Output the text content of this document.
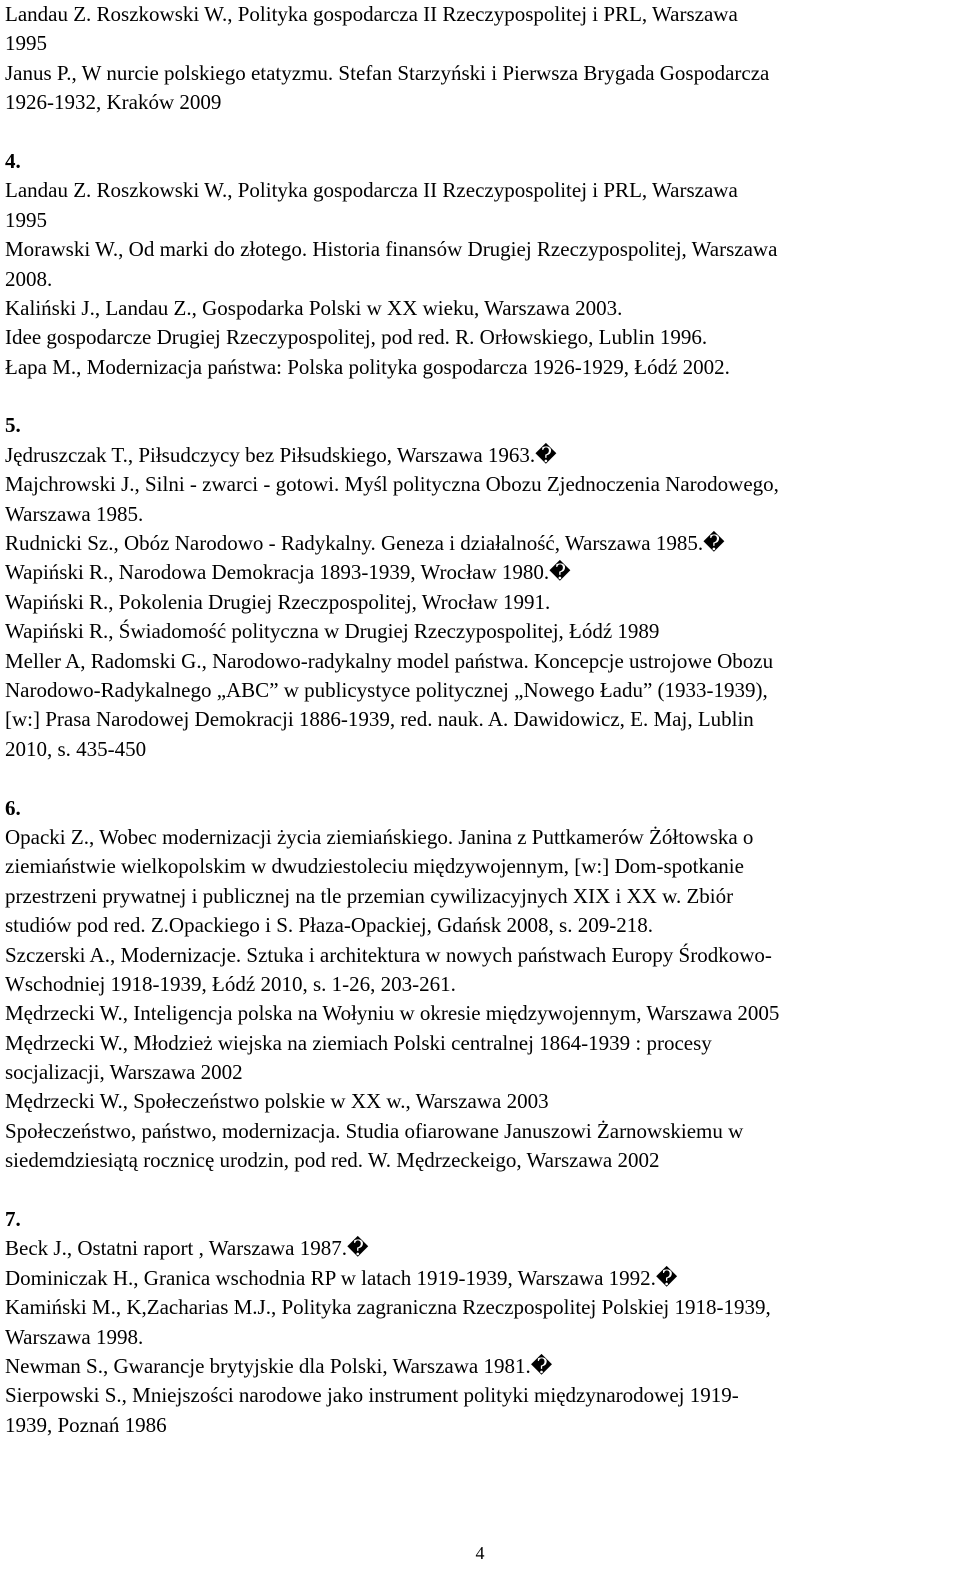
Landau Z. Roszkowski W., Polityka gospodarcza II Rzeczypospolitej i PRL, Warszawa

1995

Janus P., W nurcie polskiego etatyzmu. Stefan Starzyński i Pierwsza Brygada Gospodarcza

1926-1932, Kraków 2009

4.

Landau Z. Roszkowski W., Polityka gospodarcza II Rzeczypospolitej i PRL, Warszawa

1995

Morawski W., Od marki do złotego. Historia finansów Drugiej Rzeczypospolitej, Warszawa

2008.

Kaliński J., Landau Z., Gospodarka Polski w XX wieku, Warszawa 2003.

Idee gospodarcze Drugiej Rzeczypospolitej, pod red. R. Orłowskiego, Lublin 1996.

Łapa M., Modernizacja państwa: Polska polityka gospodarcza 1926-1929, Łódź 2002.

5.

Jędruszczak T., Piłsudczycy bez Piłsudskiego, Warszawa 1963.�

Majchrowski J., Silni - zwarci - gotowi. Myśl polityczna Obozu Zjednoczenia Narodowego,

Warszawa 1985.

Rudnicki Sz., Obóz Narodowo - Radykalny. Geneza i działalność, Warszawa 1985.�

Wapiński R., Narodowa Demokracja 1893-1939, Wrocław 1980.�

Wapiński R., Pokolenia Drugiej Rzeczpospolitej, Wrocław 1991.

Wapiński R., Świadomość polityczna w Drugiej Rzeczypospolitej, Łódź 1989

Meller A, Radomski G., Narodowo-radykalny model państwa. Koncepcje ustrojowe Obozu

Narodowo-Radykalnego „ABC” w publicystyce politycznej „Nowego Ładu” (1933-1939),

[w:] Prasa Narodowej Demokracji 1886-1939, red. nauk. A. Dawidowicz, E. Maj, Lublin

2010, s. 435-450

6.

Opacki Z., Wobec modernizacji życia ziemiańskiego. Janina z Puttkamerów Żółtowska o

ziemiaństwie wielkopolskim w dwudziestoleciu międzywojennym, [w:] Dom-spotkanie

przestrzeni prywatnej i publicznej na tle przemian cywilizacyjnych XIX i XX w. Zbiór

studiów pod red. Z.Opackiego i S. Płaza-Opackiej, Gdańsk 2008, s. 209-218.

Szczerski A., Modernizacje. Sztuka i architektura w nowych państwach Europy Środkowo-

Wschodniej 1918-1939, Łódź 2010, s. 1-26, 203-261.

Mędrzecki W., Inteligencja polska na Wołyniu w okresie międzywojennym, Warszawa 2005

Mędrzecki W., Młodzież wiejska na ziemiach Polski centralnej 1864-1939 : procesy

socjalizacji, Warszawa 2002

Mędrzecki W., Społeczeństwo polskie w XX w., Warszawa 2003

Społeczeństwo, państwo, modernizacja. Studia ofiarowane Januszowi Żarnowskiemu w

siedemdziesiątą rocznicę urodzin, pod red. W. Mędrzeckeigo, Warszawa 2002

7.

Beck J., Ostatni raport , Warszawa 1987.�

Dominiczak H., Granica wschodnia RP w latach 1919-1939, Warszawa 1992.�

Kamiński M., K,Zacharias M.J., Polityka zagraniczna Rzeczpospolitej Polskiej 1918-1939,

Warszawa 1998.

Newman S., Gwarancje brytyjskie dla Polski, Warszawa 1981.�

Sierpowski S., Mniejszości narodowe jako instrument polityki międzynarodowej 1919-

1939, Poznań 1986

4
